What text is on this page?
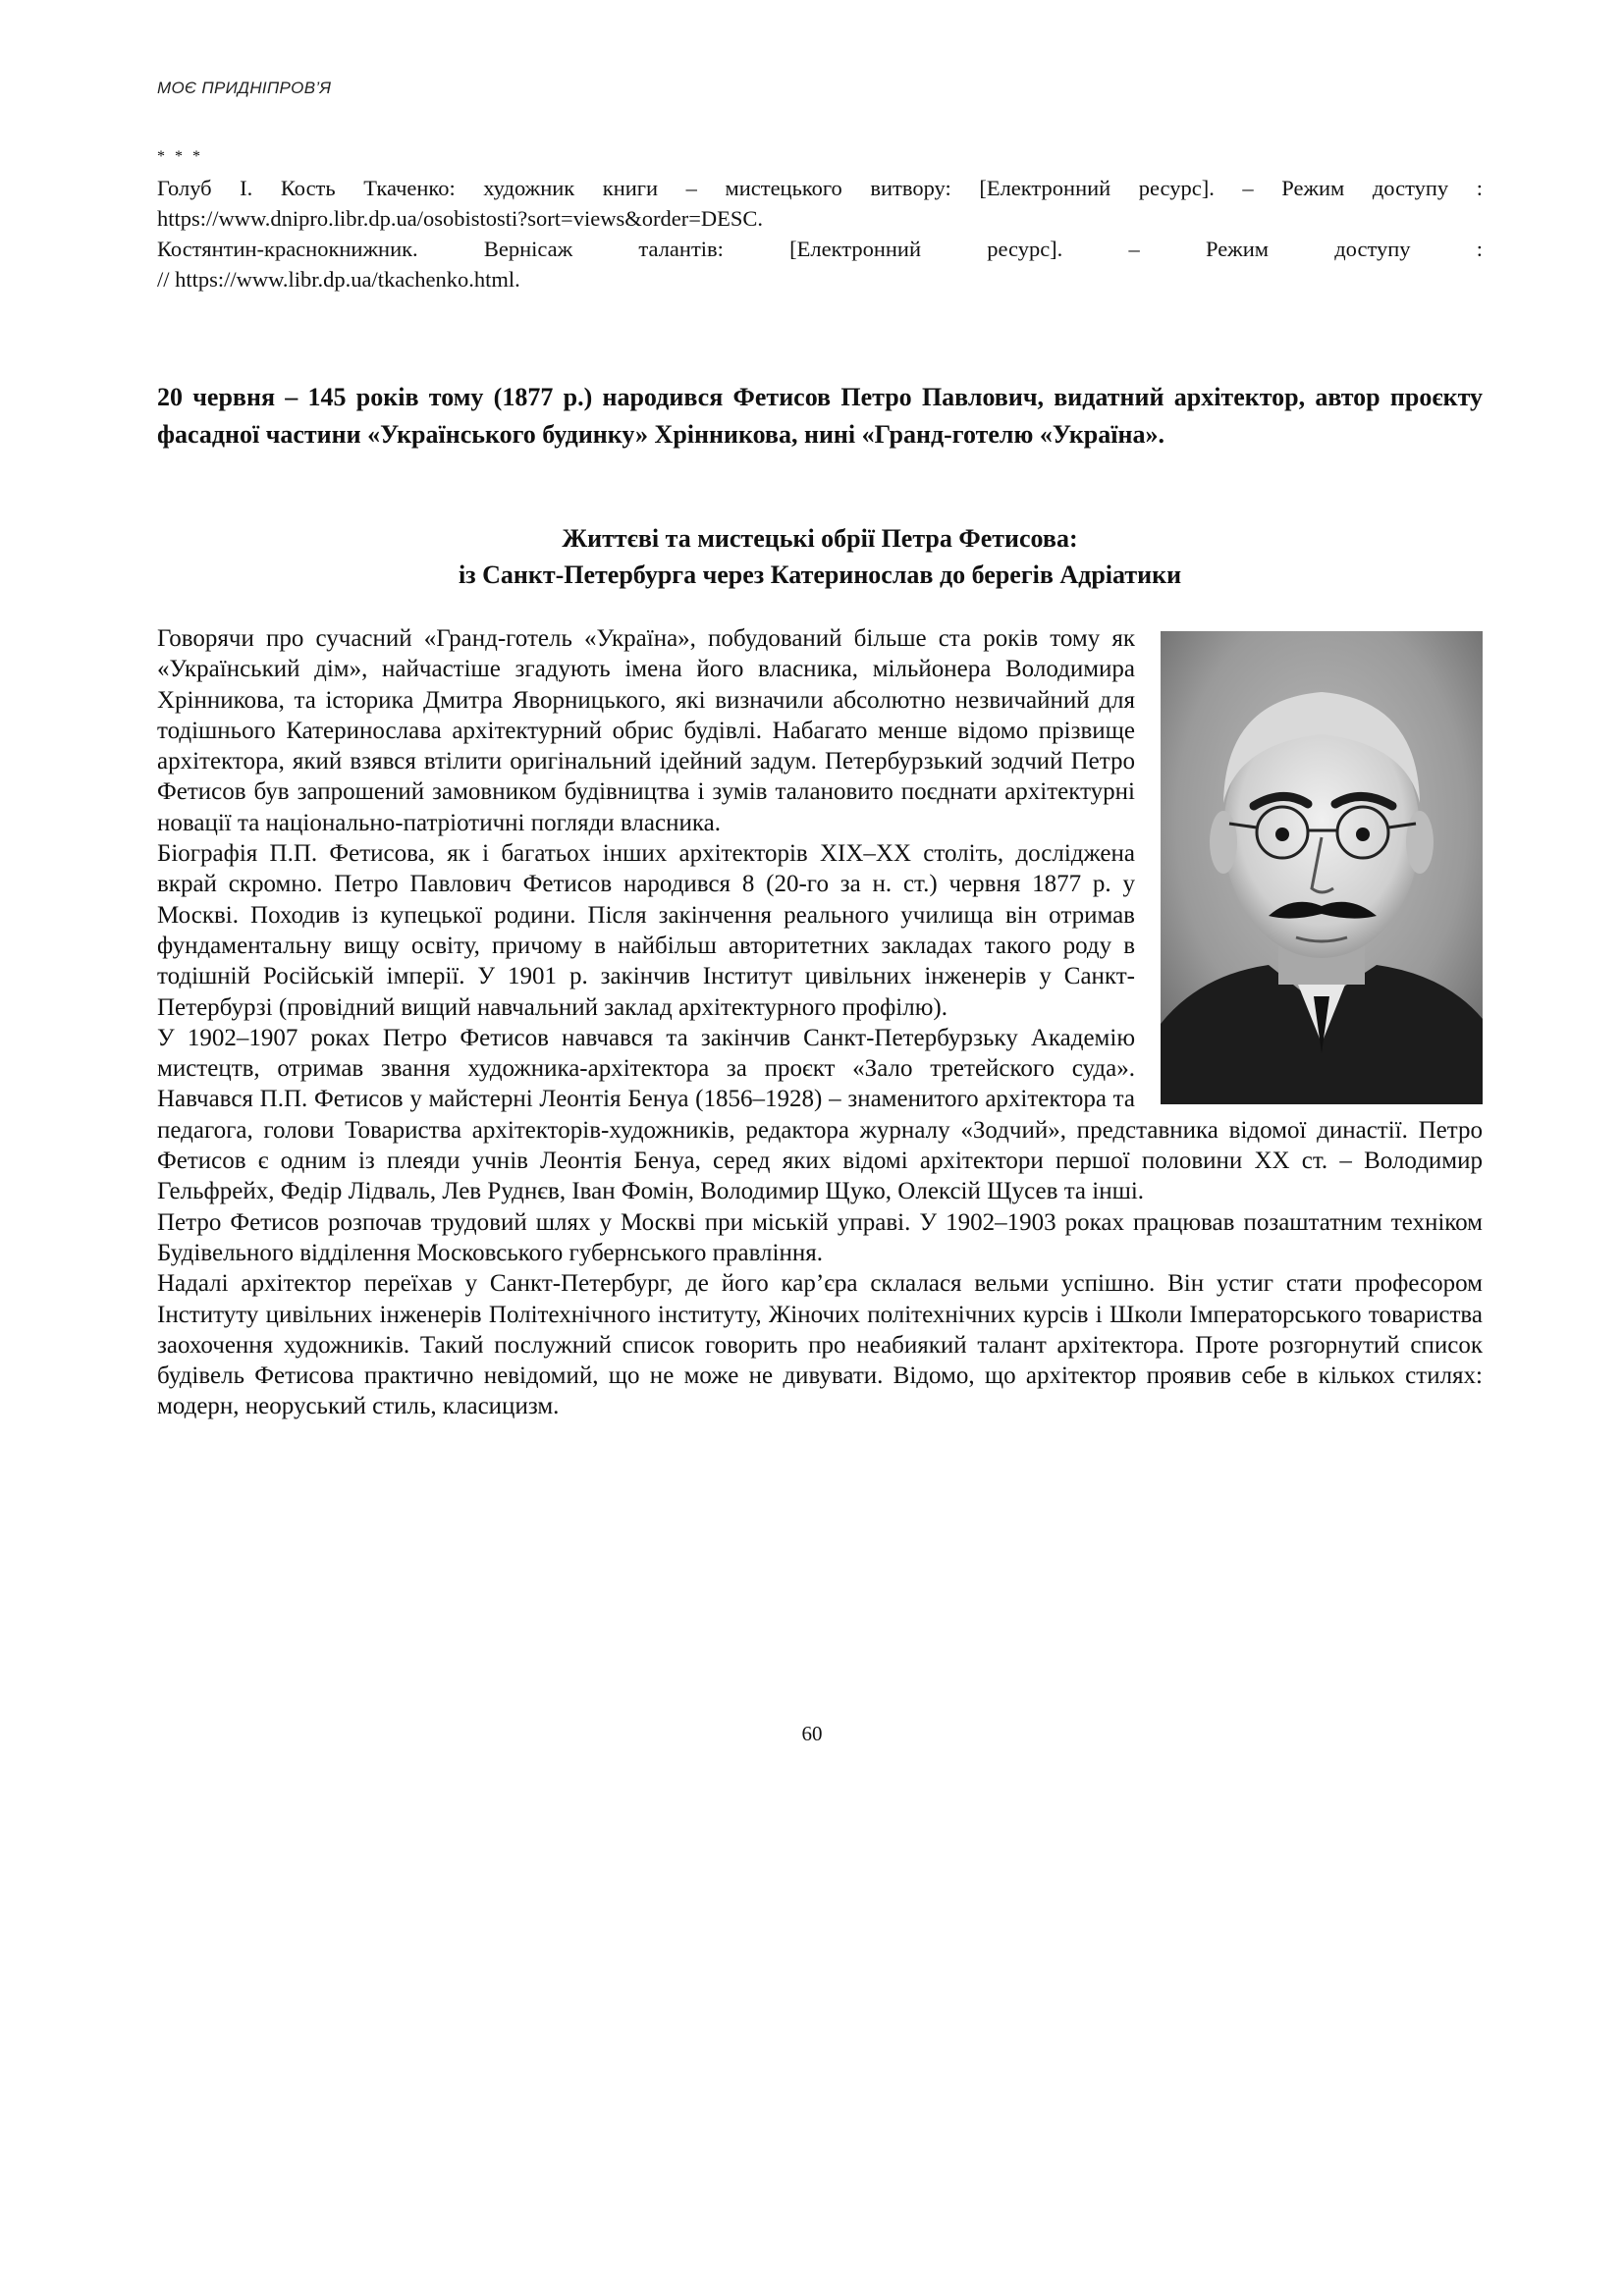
МОЄ ПРИДНІПРОВ’Я
* * *
Голуб І. Кость Ткаченко: художник книги – мистецького витвору: [Електронний ресурс]. – Режим доступу :
https://www.dnipro.libr.dp.ua/osobistosti?sort=views&order=DESC.
Костянтин-краснокнижник. Вернісаж талантів: [Електронний ресурс]. – Режим доступу :
// https://www.libr.dp.ua/tkachenko.html.
20 червня – 145 років тому (1877 р.) народився Фетисов Петро Павлович, видатний архітектор, автор проєкту фасадної частини «Українського будинку» Хрінникова, нині «Гранд-готелю «Україна».
Життєві та мистецькі обрії Петра Фетисова:
із Санкт-Петербурга через Катеринослав до берегів Адріатики

Говорячи про сучасний «Гранд-готель «Україна», побудований більше ста років тому як «Український дім», найчастіше згадують імена його власника, мільйонера Володимира Хрінникова, та історика Дмитра Яворницького, які визначили абсолютно незвичайний для тодішнього Катеринослава архітектурний обрис будівлі. Набагато менше відомо прізвище архітектора, який взявся втілити оригінальний ідейний задум. Петербурзький зодчий Петро Фетисов був запрошений замовником будівництва і зумів талановито поєднати архітектурні новації та національно-патріотичні погляди власника.

Біографія П.П. Фетисова, як і багатьох інших архітекторів XIX–XX століть, досліджена вкрай скромно. Петро Павлович Фетисов народився 8 (20-го за н. ст.) червня 1877 р. у Москві. Походив із купецької родини. Після закінчення реального училища він отримав фундаментальну вищу освіту, причому в найбільш авторитетних закладах такого роду в тодішній Російській імперії. У 1901 р. закінчив Інститут цивільних інженерів у Санкт-Петербурзі (провідний вищий навчальний заклад архітектурного профілю).

У 1902–1907 роках Петро Фетисов навчався та закінчив Санкт-Петербурзьку Академію мистецтв, отримав звання художника-архітектора за проєкт «Зало третейского суда». Навчався П.П. Фетисов у майстерні Леонтія Бенуа (1856–1928) – знаменитого архітектора та педагога, голови Товариства архітекторів-художників, редактора журналу «Зодчий», представника відомої династії. Петро Фетисов є одним із плеяди учнів Леонтія Бенуа, серед яких відомі архітектори першої половини XX ст. – Володимир Гельфрейх, Федір Лідваль, Лев Руднєв, Іван Фомін, Володимир Щуко, Олексій Щусев та інші.

Петро Фетисов розпочав трудовий шлях у Москві при міській управі. У 1902–1903 роках працював позаштатним техніком Будівельного відділення Московського губернського правління.

Надалі архітектор переїхав у Санкт-Петербург, де його кар’єра склалася вельми успішно. Він устиг стати професором Інституту цивільних інженерів Політехнічного інституту, Жіночих політехнічних курсів і Школи Імператорського товариства заохочення художників. Такий послужний список говорить про неабиякий талант архітектора. Проте розгорнутий список будівель Фетисова практично невідомий, що не може не дивувати. Відомо, що архітектор проявив себе в кількох стилях: модерн, неоруський стиль, класицизм.

60
